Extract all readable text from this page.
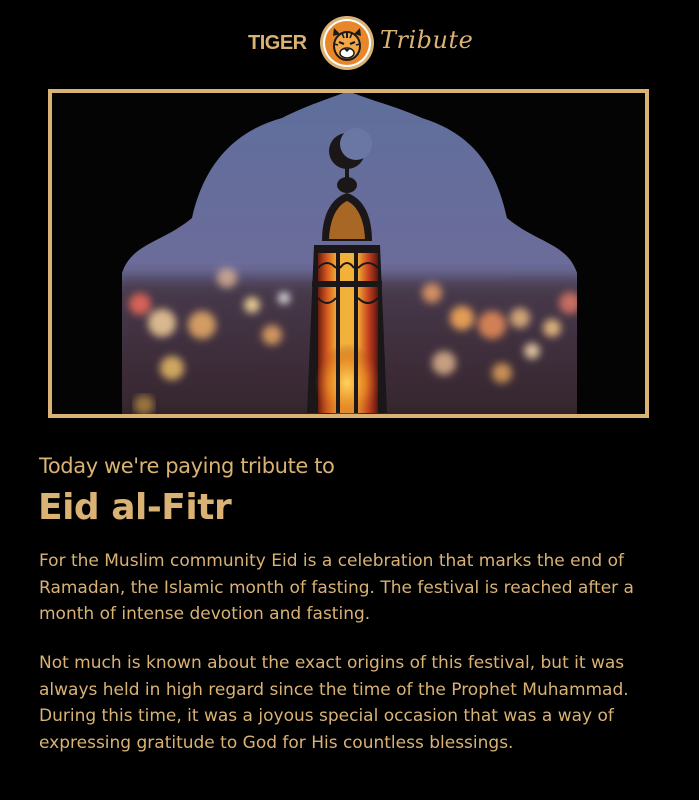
TIGER	Tribute
Today we're paying tribute to
Eid al-Fitr

For the Muslim community Eid is a celebration that marks the end of Ramadan, the Islamic month of fasting. The festival is reached after a month of intense devotion and fasting.

Not much is known about the exact origins of this festival, but it was always held in high regard since the time of the Prophet Muhammad. During this time, it was a joyous special occasion that was a way of expressing gratitude to God for His countless blessings.
